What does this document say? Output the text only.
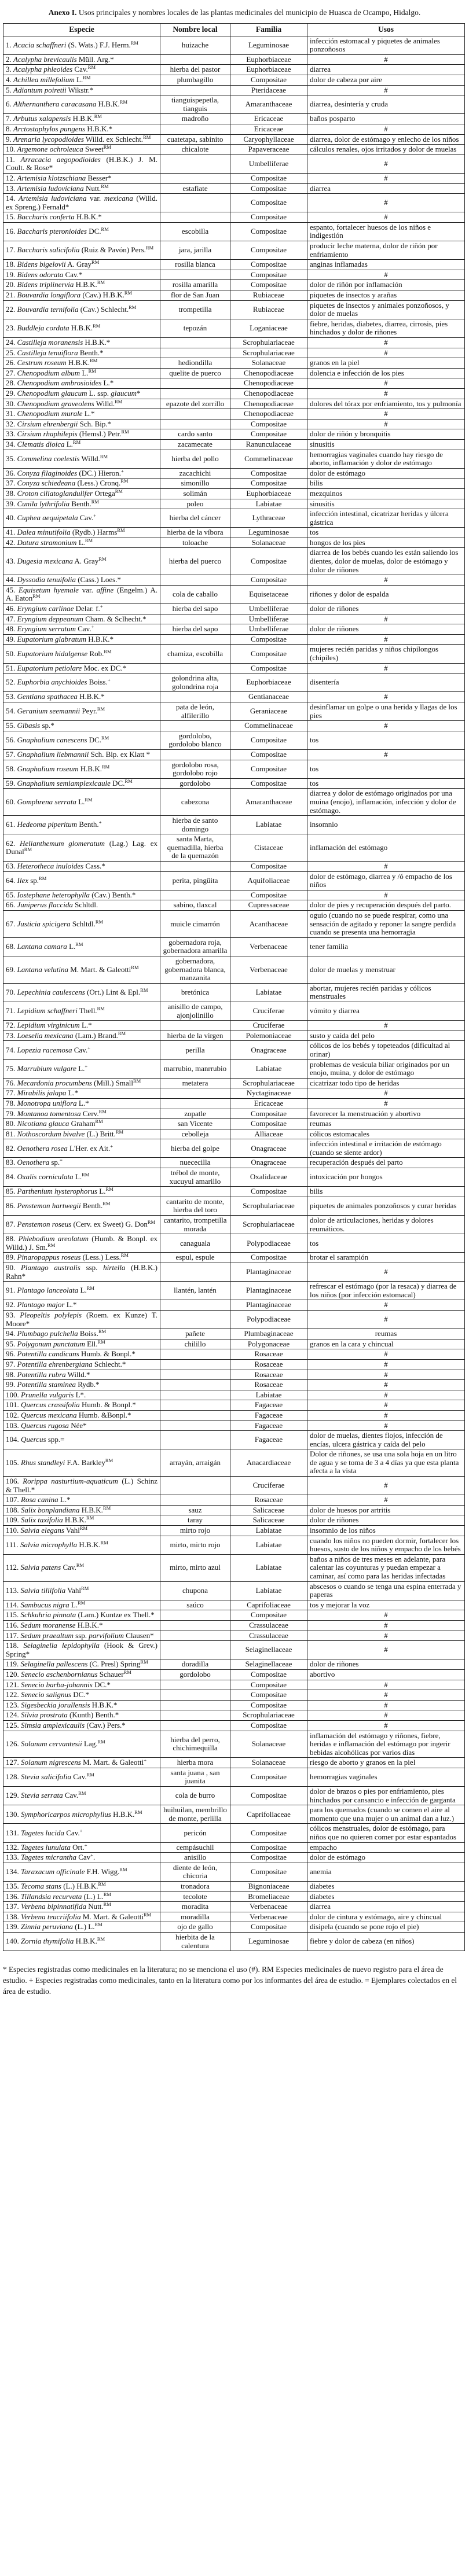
Anexo I. Usos principales y nombres locales de las plantas medicinales del municipio de Huasca de Ocampo, Hidalgo.
Especie	Nombre local	Familia	Usos
1. Acacia schaffneri (S. Wats.) F.J. Herm.$^{RM}$	huizache	Leguminosae	infección estomacal y piquetes de animales ponzoñosos
2. Acalypha brevicaulis Müll. Arg.*		Euphorbiaceae	#
3. Acalypha phleoides Cav.$^{RM}$	hierba del pastor	Euphorbiaceae	diarrea
4. Achillea millefolium L.$^{RM}$	plumbagillo	Compositae	dolor de cabeza por aire
5. Adiantum poiretii Wikstr.*		Pteridaceae	#
6. Althernanthera caracasana H.B.K.$^{RM}$	tianguispepetla, tianguis	Amaranthaceae	diarrea, desintería y cruda
7. Arbutus xalapensis H.B.K.$^{RM}$	madroño	Ericaceae	baños posparto
8. Arctostaphylos pungens H.B.K.*		Ericaceae	#
9. Arenaria lycopodioides Willd. ex Schlecht.$^{RM}$	cuatetapa, sabinito	Caryophyllaceae	diarrea, dolor de estómago y enlecho de los niños
10. Argemone ochroleuca Sweet$^{RM}$	chicalote	Papaveraceae	cálculos renales, ojos irritados y dolor de muelas
11. Arracacia aegopodioides (H.B.K.) J. M. Coult. & Rose*		Umbelliferae	#
12. Artemisia klotzschiana Besser*		Compositae	#
13. Artemisia ludoviciana Nutt.$^{RM}$	estafiate	Compositae	diarrea
14. Artemisia ludoviciana var. mexicana (Willd. ex Spreng.) Fernald*		Compositae	#
15. Baccharis conferta H.B.K.*		Compositae	#
16. Baccharis pteronioides DC.$^{RM}$	escobilla	Compositae	espanto, fortalecer huesos de los niños e indigestión
17. Baccharis salicifolia (Ruiz & Pavón) Pers.$^{RM}$	jara, jarilla	Compositae	producir leche materna, dolor de riñón por enfriamiento
18. Bidens bigelovii A. Gray$^{RM}$	rosilla blanca	Compositae	anginas inflamadas
19. Bidens odorata Cav.*		Compositae	#
20. Bidens triplinervia H.B.K.$^{RM}$	rosilla amarilla	Compositae	dolor de riñón por inflamación
21. Bouvardia longiflora (Cav.) H.B.K.$^{RM}$	flor de San Juan	Rubiaceae	piquetes de insectos y arañas
22. Bouvardia ternifolia (Cav.) Schlecht.$^{RM}$	trompetilla	Rubiaceae	piquetes de insectos y animales ponzoñosos, y dolor de muelas
23. Buddleja cordata H.B.K.$^{RM}$	tepozán	Loganiaceae	fiebre, heridas, diabetes, diarrea, cirrosis, pies hinchados y dolor de riñones
24. Castilleja moranensis H.B.K.*		Scrophulariaceae	#
25. Castilleja tenuiflora Benth.*		Scrophulariaceae	#
26. Cestrum roseum H.B.K.$^{RM}$	hediondilla	Solanaceae	granos en la piel
27. Chenopodium album L.$^{RM}$	quelite de puerco	Chenopodiaceae	dolencia e infección de los pies
28. Chenopodium ambrosioides L.*		Chenopodiaceae	#
29. Chenopodium glaucum L. ssp. glaucum*		Chenopodiaceae	#
30. Chenopodium graveolens Willd.$^{RM}$	epazote del zorrillo	Chenopodiaceae	dolores del tórax por enfriamiento, tos y pulmonía
31. Chenopodium murale L.*		Chenopodiaceae	#
32. Cirsium ehrenbergii Sch. Bip.*		Compositae	#
33. Cirsium rhaphilepis (Hemsl.) Petr.$^{RM}$	cardo santo	Compositae	dolor de riñón y bronquitis
34. Clematis dioica L.$^{RM}$	zacamecate	Ranunculaceae	sinusitis
35. Commelina coelestis Willd.$^{RM}$	hierba del pollo	Commelinaceae	hemorragias vaginales cuando hay riesgo de aborto, inflamación y dolor de estómago
36. Conyza filaginoides (DC.) Hieron.+	zacachichi	Compositae	dolor de estómago
37. Conyza schiedeana (Less.) Cronq.$^{RM}$	simonillo	Compositae	bilis
38. Croton ciliatoglandulifer Ortega$^{RM}$	solimán	Euphorbiaceae	mezquinos
39. Cunila lythrifolia Benth.$^{RM}$	poleo	Labiatae	sinusitis
40. Cuphea aequipetala Cav.+	hierba del cáncer	Lythraceae	infección intestinal, cicatrizar heridas y úlcera gástrica
41. Dalea minutifolia (Rydb.) Harms$^{RM}$	hierba de la víbora	Leguminosae	tos
42. Datura stramonium L.$^{RM}$	toloache	Solanaceae	hongos de los pies
43. Dugesia mexicana A. Gray$^{RM}$	hierba del puerco	Compositae	diarrea de los bebés cuando les están saliendo los dientes, dolor de muelas, dolor de estómago y dolor de riñones
44. Dyssodia tenuifolia (Cass.) Loes.*		Compositae	#
45. Equisetum hyemale var. affine (Engelm.) A. A. Eaton$^{RM}$	cola de caballo	Equisetaceae	riñones y dolor de espalda
46. Eryngium carlinae Delar. f.+	hierba del sapo	Umbelliferae	dolor de riñones
47. Eryngium deppeanum Cham. & Sclhecht.*		Umbelliferae	#
48. Eryngium serratum Cav.+	hierba del sapo	Umbelliferae	dolor de riñones
49. Eupatorium glabratum H.B.K.*		Compositae	#
50. Eupatorium hidalgense Rob.$^{RM}$	chamiza, escobilla	Compositae	mujeres recién paridas y niños chipilongos (chipiles)
51. Eupatorium petiolare Moc. ex DC.*		Compositae	#
52. Euphorbia anychioides Boiss.+	golondrina alta, golondrina roja	Euphorbiaceae	disentería
53. Gentiana spathacea H.B.K.*		Gentianaceae	#
54. Geranium seemannii Peyr.$^{RM}$	pata de león, alfilerillo	Geraniaceae	desinflamar un golpe o una herida y llagas de los pies
55. Gibasis sp.*		Commelinaceae	#
56. Gnaphalium canescens DC.$^{RM}$	gordolobo, gordolobo blanco	Compositae	tos
57. Gnaphalium liebmannii Sch. Bip. ex Klatt *		Compositae	#
58. Gnaphalium roseum H.B.K.$^{RM}$	gordolobo rosa, gordolobo rojo	Compositae	tos
59. Gnaphalium semiamplexicaule DC.$^{RM}$	gordolobo	Compositae	tos
60. Gomphrena serrata L.$^{RM}$	cabezona	Amaranthaceae	diarrea y dolor de estómago originados por una muina (enojo), inflamación, infección y dolor de estómago.
61. Hedeoma piperitum Benth.+	hierba de santo domingo	Labiatae	insomnio
62. Helianthemum glomeratum (Lag.) Lag. ex Dunal$^{RM}$	santa Marta, quemadilla, hierba de la quemazón	Cistaceae	inflamación del estómago
63. Heterotheca inuloides Cass.*		Compositae	#
64. Ilex sp.$^{RM}$	perita, pingüita	Aquifoliaceae	dolor de estómago, diarrea y /ó empacho de los niños
65. Iostephane heterophylla (Cav.) Benth.*		Compositae	#
66. Juniperus flaccida Schltdl.	sabino, tlaxcal	Cupressaceae	dolor de pies y recuperación después del parto.
67. Justicia spicigera Schltdl.$^{RM}$	muicle cimarrón	Acanthaceae	oguio (cuando no se puede respirar, como una sensación de agitado y reponer la sangre perdida cuando se presenta una hemorragia
68. Lantana camara L.$^{RM}$	gobernadora roja, gobernadora amarilla	Verbenaceae	tener familia
69. Lantana velutina M. Mart. & Galeotti$^{RM}$	gobernadora, gobernadora blanca, manzanita	Verbenaceae	dolor de muelas y menstruar
70. Lepechinia caulescens (Ort.) Lint & Epl.$^{RM}$	bretónica	Labiatae	abortar, mujeres recién paridas y cólicos menstruales
71. Lepidium schaffneri Thell.$^{RM}$	anisillo de campo, ajonjolinillo	Cruciferae	vómito y diarrea
72. Lepidium virginicum L.*		Cruciferae	#
73. Loeselia mexicana (Lam.) Brand.$^{RM}$	hierba de la virgen	Polemoniaceae	susto y caída del pelo
74. Lopezia racemosa Cav.+	perilla	Onagraceae	cólicos de los bebés y topeteados (dificultad al orinar)
75. Marrubium vulgare L.+	marrubio, manrrubio	Labiatae	problemas de vesícula biliar originados por un enojo, muina, y dolor de estómago
76. Mecardonia procumbens (Mill.) Small$^{RM}$	metatera	Scrophulariaceae	cicatrizar todo tipo de heridas
77. Mirabilis jalapa L.*		Nyctaginaceae	#
78. Monotropa uniflora L.*		Ericaceae	#
79. Montanoa tomentosa Cerv.$^{RM}$	zopatle	Compositae	favorecer la menstruación y abortivo
80. Nicotiana glauca Graham$^{RM}$	san Vicente	Compositae	reumas
81. Nothoscordum bivalve (L.) Britt.$^{RM}$	cebolleja	Alliaceae	cólicos estomacales
82. Oenothera rosea L'Her. ex Ait.+	hierba del golpe	Onagraceae	infección intestinal e irritación de estómago (cuando se siente ardor)
83. Oenothera sp.=	nuececilla	Onagraceae	recuperación después del parto
84. Oxalis corniculata L.$^{RM}$	trébol de monte, xucuyul amarillo	Oxalidaceae	intoxicación por hongos
85. Parthenium hysterophorus L.$^{RM}$		Compositae	bilis
86. Penstemon hartwegii Benth.$^{RM}$	cantarito de monte, hierba del toro	Scrophulariaceae	piquetes de animales ponzoñosos y curar heridas
87. Penstemon roseus (Cerv. ex Sweet) G. Don$^{RM}$	cantarito, trompetilla morada	Scrophulariaceae	dolor de articulaciones, heridas y dolores reumáticos.
88. Phlebodium areolatum (Humb. & Bonpl. ex Willd.) J. Sm.$^{RM}$	canaguala	Polypodiaceae	tos
89. Pinaropappus roseus (Less.) Less.$^{RM}$	espul, espule	Compositae	brotar el sarampión
90. Plantago australis ssp. hirtella (H.B.K.) Rahn*		Plantaginaceae	#
91. Plantago lanceolata L.$^{RM}$	llantén, lantén	Plantaginaceae	refrescar el estómago (por la resaca) y diarrea de los niños (por infección estomacal)
92. Plantago major L.*		Plantaginaceae	#
93. Pleopeltis polylepis (Roem. ex Kunze) T. Moore*		Polypodiaceae	#
94. Plumbago pulchella Boiss.$^{RM}$	pañete	Plumbaginaceae	reumas
95. Polygonum punctatum Ell.$^{RM}$	chilillo	Polygonaceae	granos en la cara y chincual
96. Potentilla candicans Humb. & Bonpl.*		Rosaceae	#
97. Potentilla ehrenbergiana Schlecht.*		Rosaceae	#
98. Potentilla rubra Willd.*		Rosaceae	#
99. Potentilla staminea Rydb.*		Rosaceae	#
100. Prunella vulgaris L*.		Labiatae	#
101. Quercus crassifolia Humb. & Bonpl.*		Fagaceae	#
102. Quercus mexicana Humb. &Bonpl.*		Fagaceae	#
103. Quercus rugosa Née*		Fagaceae	#
104. Quercus spp.=		Fagaceae	dolor de muelas, dientes flojos, infección de encías, ulcera gástrica y caída del pelo
105. Rhus standleyi F.A. Barkley$^{RM}$	arrayán, arraigán	Anacardiaceae	Dolor de riñones, se usa una sola hoja en un litro de agua y se toma de 3 a 4 días ya que esta planta afecta a la vista
106. Rorippa nasturtium-aquaticum (L.) Schinz & Thell.*		Cruciferae	#
107. Rosa canina L.*		Rosaceae	#
108. Salix bonplandiana H.B.K.$^{RM}$	sauz	Salicaceae	dolor de huesos por artritis
109. Salix taxifolia H.B.K.$^{RM}$	taray	Salicaceae	dolor de riñones
110. Salvia elegans Vahl$^{RM}$	mirto rojo	Labiatae	insomnio de los niños
111. Salvia microphylla H.B.K.$^{RM}$	mirto, mirto rojo	Labiatae	cuando los niños no pueden dormir, fortalecer los huesos, susto de los niños y empacho de los bebés
112. Salvia patens Cav.$^{RM}$	mirto, mirto azul	Labiatae	baños a niños de tres meses en adelante, para calentar las coyunturas y puedan empezar a caminar, así como para las heridas infectadas
113. Salvia tiliifolia Vahl$^{RM}$	chupona	Labiatae	abscesos o cuando se tenga una espina enterrada y paperas
114. Sambucus nigra L.$^{RM}$	saúco	Caprifoliaceae	tos y mejorar la voz
115. Schkuhria pinnata (Lam.) Kuntze ex Thell.*		Compositae	#
116. Sedum moranense H.B.K.*		Crassulaceae	#
117. Sedum praealtum ssp. parvifolium Clausen*		Crassulaceae	#
118. Selaginella lepidophylla (Hook & Grev.) Spring*		Selaginellaceae	#
119. Selaginella pallescens (C. Presl) Spring$^{RM}$	doradilla	Selaginellaceae	dolor de riñones
120. Senecio aschenbornianus Schauer$^{RM}$	gordolobo	Compositae	abortivo
121. Senecio barba-johannis DC.*		Compositae	#
122. Senecio salignus DC.*		Compositae	#
123. Sigesbeckia jorullensis H.B.K.*		Compositae	#
124. Silvia prostrata (Kunth) Benth.*		Scrophulariaceae	#
125. Simsia amplexicaulis (Cav.) Pers.*		Compositae	#
126. Solanum cervantesii Lag.$^{RM}$	hierba del perro, chichimequilla	Solanaceae	inflamación del estómago y riñones, fiebre, heridas e inflamación del estómago por ingerir bebidas alcohólicas por varios días
127. Solanum nigrescens M. Mart. & Galeotti+	hierba mora	Solanaceae	riesgo de aborto y granos en la piel
128. Stevia salicifolia Cav.$^{RM}$	santa juana , san juanita	Compositae	hemorragias vaginales
129. Stevia serrata Cav.$^{RM}$	cola de burro	Compositae	dolor de brazos o pies por enfriamiento, pies hinchados por cansancio e infección de garganta
130. Symphoricarpos microphyllus H.B.K.$^{RM}$	huihuilan, membrillo de monte, perlilla	Caprifoliaceae	para los quemados (cuando se comen el aire al momento que una mujer o un animal dan a luz.)
131. Tagetes lucida Cav.+	pericón	Compositae	cólicos menstruales, dolor de estómago, para niños que no quieren comer por estar espantados
132. Tagetes lunulata Ort.+	cempásuchil	Compositae	empacho
133. Tagetes micrantha Cav+.	anisillo	Compositae	dolor de estómago
134. Taraxacum officinale F.H. Wigg.$^{RM}$	diente de león, chicoria	Compositae	anemia
135. Tecoma stans (L.) H.B.K.$^{RM}$	tronadora	Bignoniaceae	diabetes
136. Tillandsia recurvata (L.) L.$^{RM}$	tecolote	Bromeliaceae	diabetes
137. Verbena bipinnatifida Nutt.$^{RM}$	moradita	Verbenaceae	diarrea
138. Verbena teucriifolia M. Mart. & Galeotti$^{RM}$	moradilla	Verbenaceae	dolor de cintura y estómago, aire y chincual
139. Zinnia peruviana (L.) L.$^{RM}$	ojo de gallo	Compositae	disipela (cuando se pone rojo el pie)
140. Zornia thymifolia H.B.K.$^{RM}$	hierbita de la calentura	Leguminosae	fiebre y dolor de cabeza (en niños)
* Especies registradas como medicinales en la literatura; no se menciona el uso (#). RM Especies medicinales de nuevo registro para el área de estudio. + Especies registradas como medicinales, tanto en la literatura como por los informantes del área de estudio. = Ejemplares colectados en el área de estudio.
